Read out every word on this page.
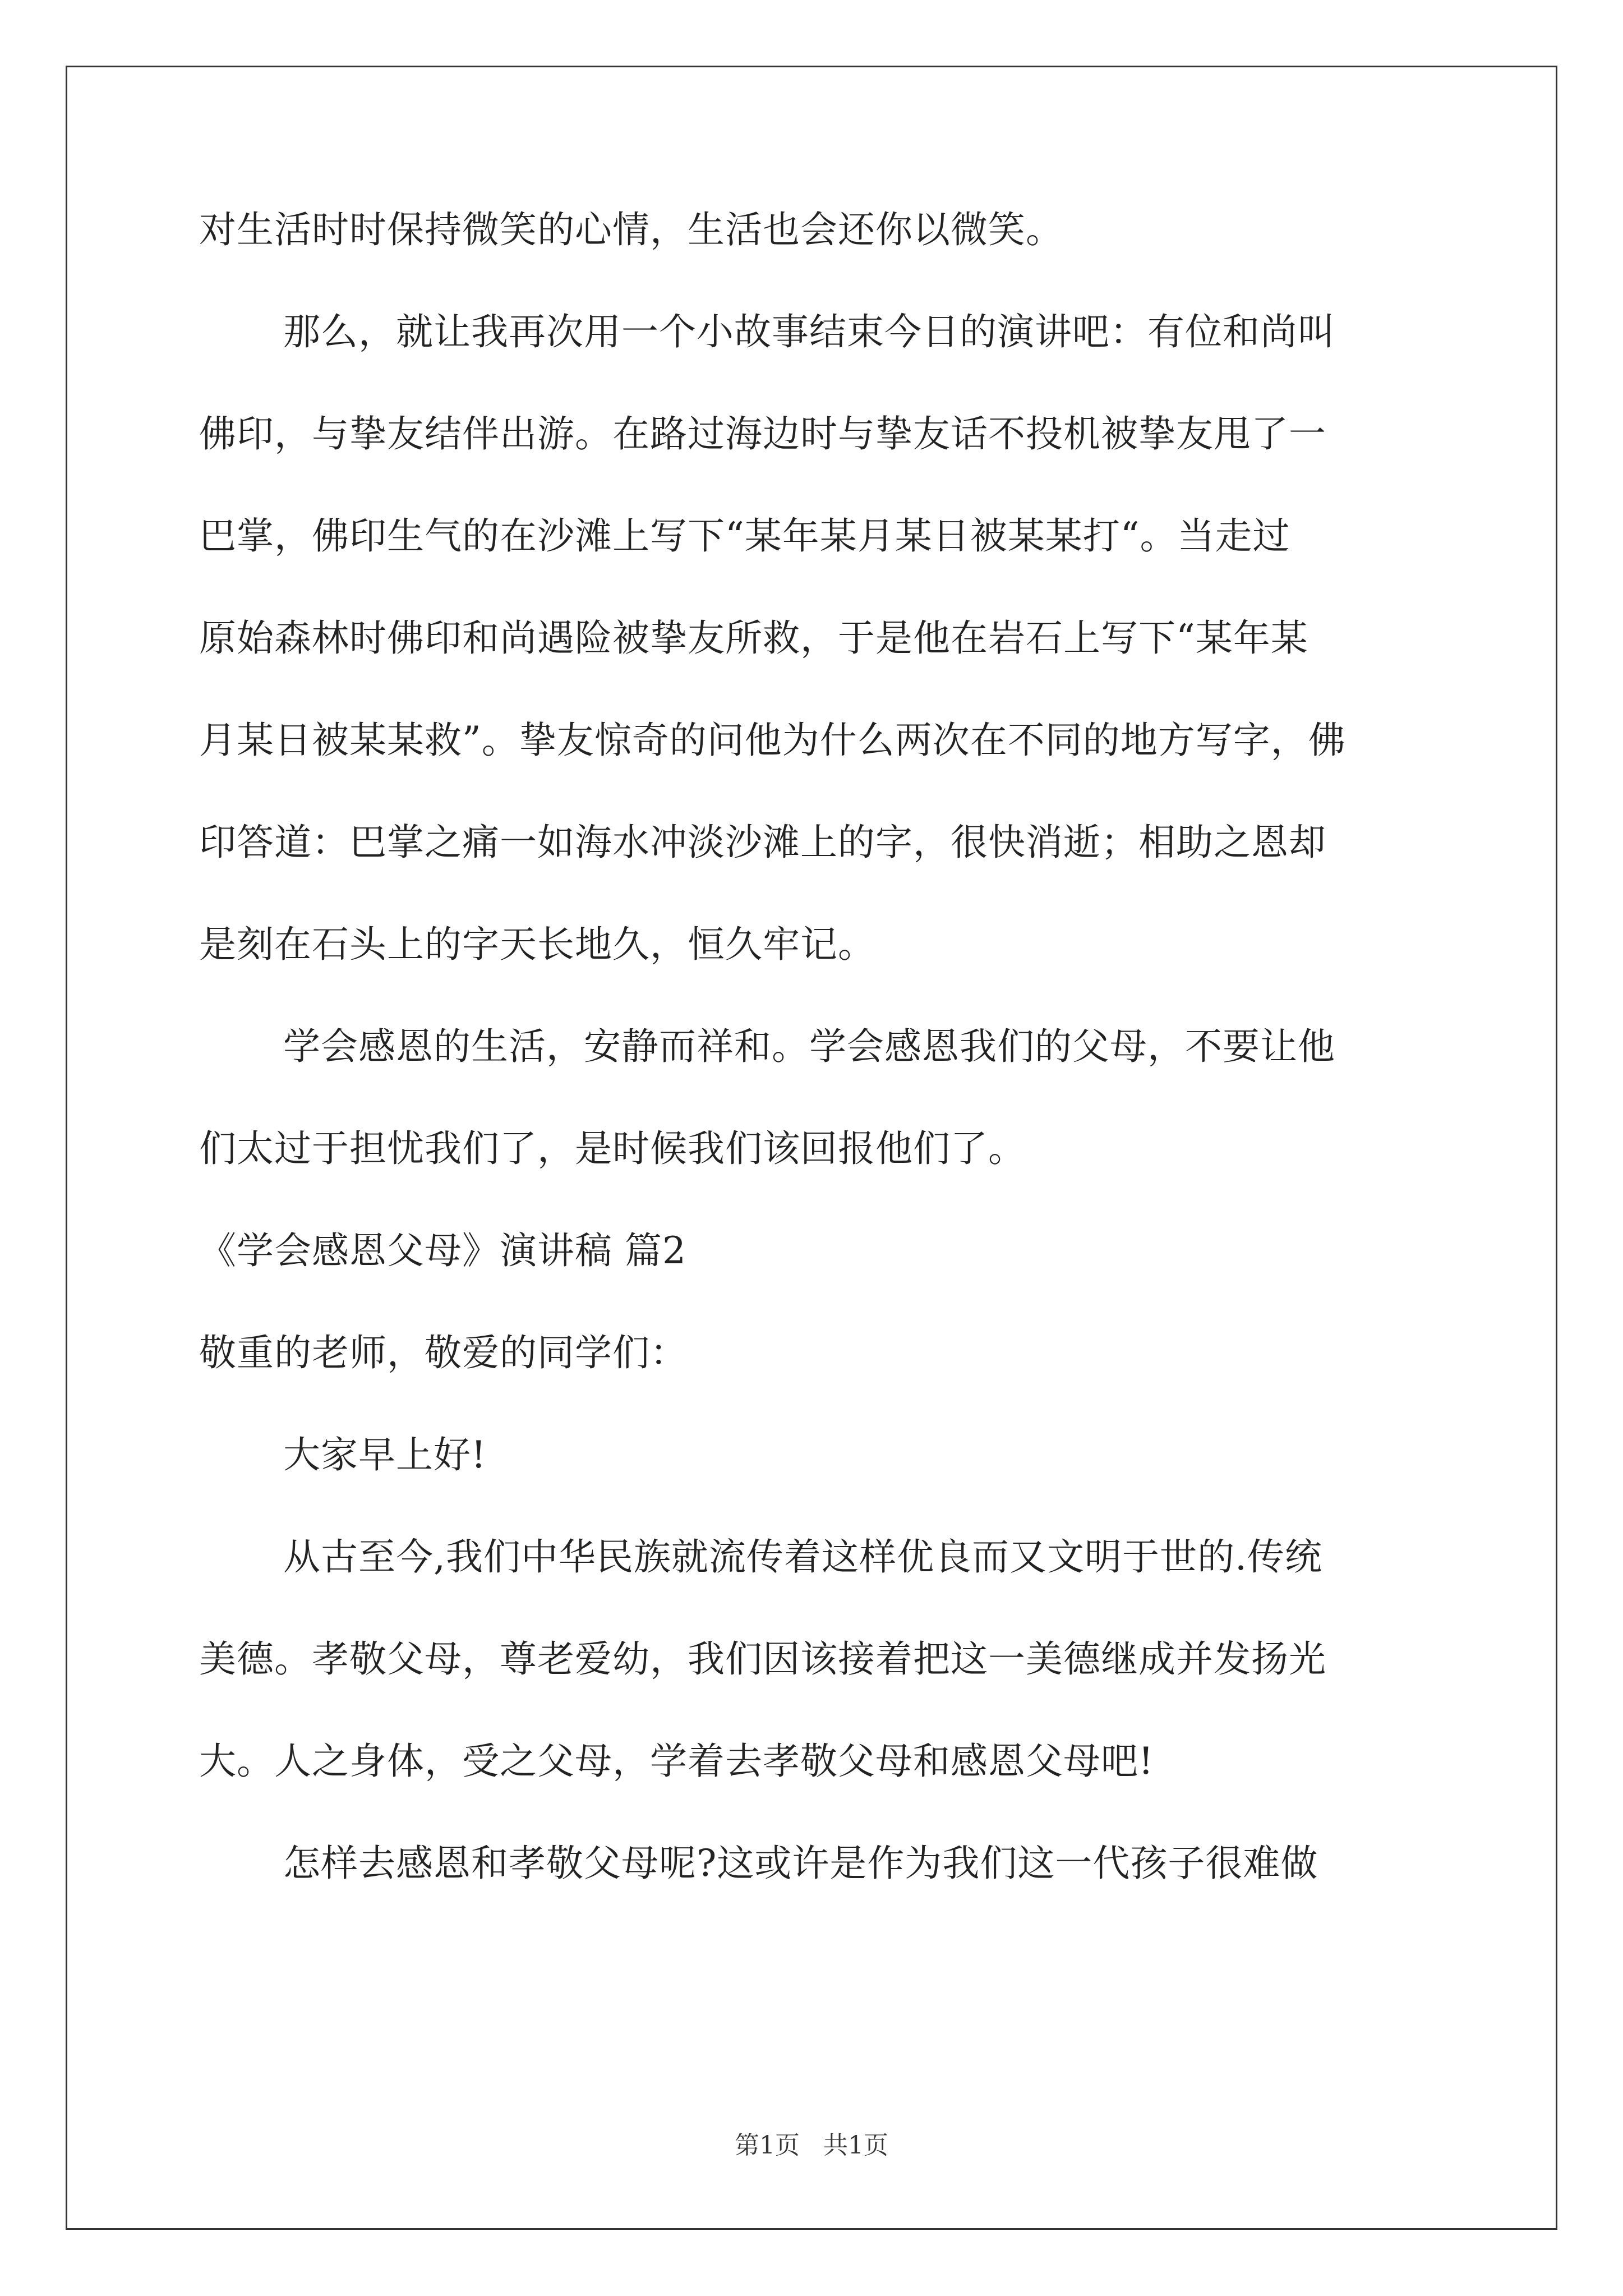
对生活时时保持微笑的心情，生活也会还你以微笑。
那么，就让我再次用一个小故事结束今日的演讲吧：有位和尚叫
佛印，与挚友结伴出游。在路过海边时与挚友话不投机被挚友甩了一
巴掌，佛印生气的在沙滩上写下“某年某月某日被某某打“。当走过
原始森林时佛印和尚遇险被挚友所救，于是他在岩石上写下“某年某
月某日被某某救”。挚友惊奇的问他为什么两次在不同的地方写字，佛
印答道：巴掌之痛一如海水冲淡沙滩上的字，很快消逝；相助之恩却
是刻在石头上的字天长地久，恒久牢记。
学会感恩的生活，安静而祥和。学会感恩我们的父母，不要让他
们太过于担忧我们了，是时候我们该回报他们了。
《学会感恩父母》演讲稿 篇2
敬重的老师，敬爱的同学们：
大家早上好!
从古至今,我们中华民族就流传着这样优良而又文明于世的.传统
美德。孝敬父母，尊老爱幼，我们因该接着把这一美德继成并发扬光
大。人之身体，受之父母，学着去孝敬父母和感恩父母吧!
怎样去感恩和孝敬父母呢?这或许是作为我们这一代孩子很难做
第1页 共1页
